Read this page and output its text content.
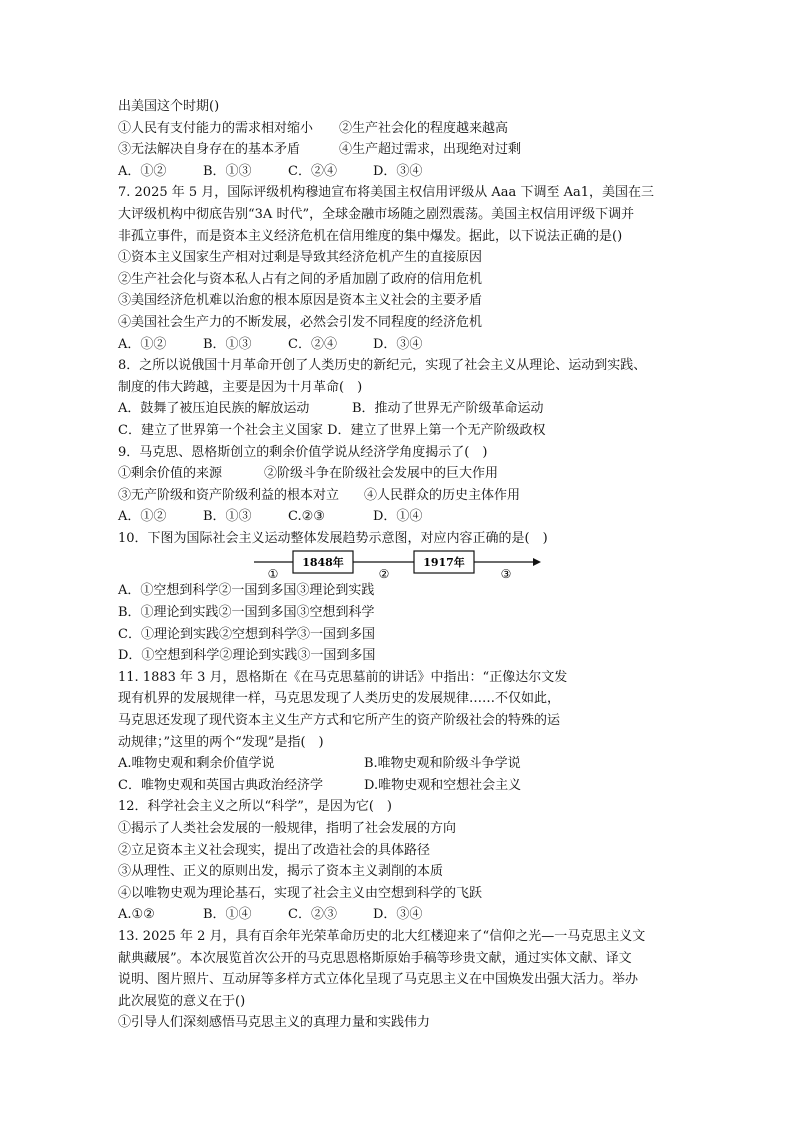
出美国这个时期()
①人民有支付能力的需求相对缩小　　②生产社会化的程度越来越高
③无法解决自身存在的基本矛盾　　　④生产超过需求，出现绝对过剩
A．①②	B．①③	C．②④	D．③④
7. 2025 年 5 月，国际评级机构穆迪宣布将美国主权信用评级从 Aaa 下调至 Aa1，美国在三
大评级机构中彻底告别“3A 时代”，全球金融市场随之剧烈震荡。美国主权信用评级下调并
非孤立事件，而是资本主义经济危机在信用维度的集中爆发。据此，以下说法正确的是()
①资本主义国家生产相对过剩是导致其经济危机产生的直接原因
②生产社会化与资本私人占有之间的矛盾加剧了政府的信用危机
③美国经济危机难以治愈的根本原因是资本主义社会的主要矛盾
④美国社会生产力的不断发展，必然会引发不同程度的经济危机
A．①②	B．①③	C．②④	D．③④
8．之所以说俄国十月革命开创了人类历史的新纪元，实现了社会主义从理论、运动到实践、
制度的伟大跨越，主要是因为十月革命(　)
A．鼓舞了被压迫民族的解放运动	B．推动了世界无产阶级革命运动
C．建立了世界第一个社会主义国家 D．建立了世界上第一个无产阶级政权
9．马克思、恩格斯创立的剩余价值学说从经济学角度揭示了(　)
①剩余价值的来源	②阶级斗争在阶级社会发展中的巨大作用
③无产阶级和资产阶级利益的根本对立	④人民群众的历史主体作用
A．①②	B．①③	C.②③	D．①④
10．下图为国际社会主义运动整体发展趋势示意图，对应内容正确的是(　)
1848年	1917年
①	②	③
A．①空想到科学②一国到多国③理论到实践
B．①理论到实践②一国到多国③空想到科学
C．①理论到实践②空想到科学③一国到多国
D．①空想到科学②理论到实践③一国到多国
11. 1883 年 3 月，恩格斯在《在马克思墓前的讲话》中指出：“正像达尔文发
现有机界的发展规律一样，马克思发现了人类历史的发展规律……不仅如此，
马克思还发现了现代资本主义生产方式和它所产生的资产阶级社会的特殊的运
动规律；”这里的两个“发现”是指(　)
A.唯物史观和剩余价值学说	B.唯物史观和阶级斗争学说
C．唯物史观和英国古典政治经济学	D.唯物史观和空想社会主义
12．科学社会主义之所以“科学”，是因为它(　)
①揭示了人类社会发展的一般规律，指明了社会发展的方向
②立足资本主义社会现实，提出了改造社会的具体路径
③从理性、正义的原则出发，揭示了资本主义剥削的本质
④以唯物史观为理论基石，实现了社会主义由空想到科学的飞跃
A.①②	B．①④	C．②③	D．③④
13. 2025 年 2 月，具有百余年光荣革命历史的北大红楼迎来了“信仰之光—一马克思主义文
献典藏展”。本次展览首次公开的马克思恩格斯原始手稿等珍贵文献，通过实体文献、译文
说明、图片照片、互动屏等多样方式立体化呈现了马克思主义在中国焕发出强大活力。举办
此次展览的意义在于()
①引导人们深刻感悟马克思主义的真理力量和实践伟力
